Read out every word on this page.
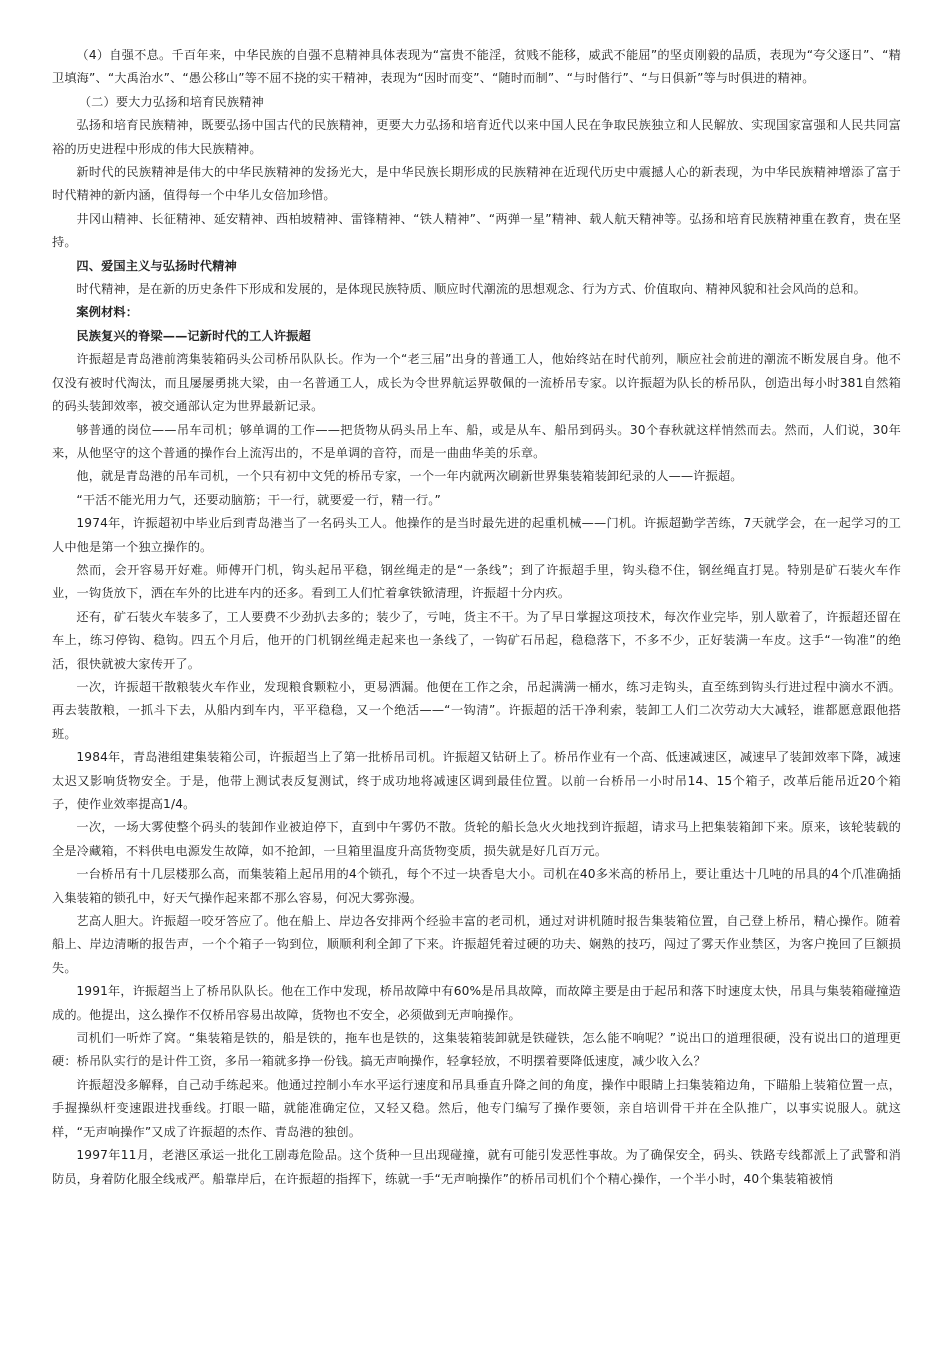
（4）自强不息。千百年来，中华民族的自强不息精神具体表现为“富贵不能淫，贫贱不能移，威武不能屈”的坚贞刚毅的品质，表现为“夸父逐日”、“精卫填海”、“大禹治水”、“愚公移山”等不屈不挠的实干精神，表现为“因时而变”、“随时而制”、“与时偕行”、“与日俱新”等与时俱进的精神。

（二）要大力弘扬和培育民族精神

弘扬和培育民族精神，既要弘扬中国古代的民族精神，更要大力弘扬和培育近代以来中国人民在争取民族独立和人民解放、实现国家富强和人民共同富裕的历史进程中形成的伟大民族精神。

新时代的民族精神是伟大的中华民族精神的发扬光大，是中华民族长期形成的民族精神在近现代历史中震撼人心的新表现，为中华民族精神增添了富于时代精神的新内涵，值得每一个中华儿女倍加珍惜。

井冈山精神、长征精神、延安精神、西柏坡精神、雷锋精神、“铁人精神”、“两弹一星”精神、载人航天精神等。弘扬和培育民族精神重在教育，贵在坚持。

四、爱国主义与弘扬时代精神

时代精神，是在新的历史条件下形成和发展的，是体现民族特质、顺应时代潮流的思想观念、行为方式、价值取向、精神风貌和社会风尚的总和。

案例材料：

民族复兴的脊梁——记新时代的工人许振超

许振超是青岛港前湾集装箱码头公司桥吊队队长。作为一个“老三届”出身的普通工人，他始终站在时代前列，顺应社会前进的潮流不断发展自身。他不仅没有被时代淘汰，而且屡屡勇挑大梁，由一名普通工人，成长为令世界航运界敬佩的一流桥吊专家。以许振超为队长的桥吊队，创造出每小时381自然箱的码头装卸效率，被交通部认定为世界最新记录。

够普通的岗位——吊车司机；够单调的工作——把货物从码头吊上车、船，或是从车、船吊到码头。30个春秋就这样悄然而去。然而，人们说，30年来，从他坚守的这个普通的操作台上流泻出的，不是单调的音符，而是一曲曲华美的乐章。

他，就是青岛港的吊车司机，一个只有初中文凭的桥吊专家，一个一年内就两次刷新世界集装箱装卸纪录的人——许振超。

“干活不能光用力气，还要动脑筋；干一行，就要爱一行，精一行。”

1974年，许振超初中毕业后到青岛港当了一名码头工人。他操作的是当时最先进的起重机械——门机。许振超勤学苦练，7天就学会，在一起学习的工人中他是第一个独立操作的。

然而，会开容易开好难。师傅开门机，钩头起吊平稳，钢丝绳走的是“一条线”；到了许振超手里，钩头稳不住，钢丝绳直打晃。特别是矿石装火车作业，一钩货放下，洒在车外的比进车内的还多。看到工人们忙着拿铁锨清理，许振超十分内疚。

还有，矿石装火车装多了，工人要费不少劲扒去多的；装少了，亏吨，货主不干。为了早日掌握这项技术，每次作业完毕，别人歇着了，许振超还留在车上，练习停钩、稳钩。四五个月后，他开的门机钢丝绳走起来也一条线了，一钩矿石吊起，稳稳落下，不多不少，正好装满一车皮。这手“一钩准”的绝活，很快就被大家传开了。

一次，许振超干散粮装火车作业，发现粮食颗粒小，更易洒漏。他便在工作之余，吊起满满一桶水，练习走钩头，直至练到钩头行进过程中滴水不洒。再去装散粮，一抓斗下去，从船内到车内，平平稳稳，又一个绝活——“一钩清”。许振超的活干净利索，装卸工人们二次劳动大大减轻，谁都愿意跟他搭班。

1984年，青岛港组建集装箱公司，许振超当上了第一批桥吊司机。许振超又钻研上了。桥吊作业有一个高、低速减速区，减速早了装卸效率下降，减速太迟又影响货物安全。于是，他带上测试表反复测试，终于成功地将减速区调到最佳位置。以前一台桥吊一小时吊14、15个箱子，改革后能吊近20个箱子，使作业效率提高1/4。

一次，一场大雾使整个码头的装卸作业被迫停下，直到中午雾仍不散。货轮的船长急火火地找到许振超，请求马上把集装箱卸下来。原来，该轮装载的全是冷藏箱，不料供电电源发生故障，如不抢卸，一旦箱里温度升高货物变质，损失就是好几百万元。

一台桥吊有十几层楼那么高，而集装箱上起吊用的4个锁孔，每个不过一块香皂大小。司机在40多米高的桥吊上，要让重达十几吨的吊具的4个爪准确插入集装箱的锁孔中，好天气操作起来都不那么容易，何况大雾弥漫。

艺高人胆大。许振超一咬牙答应了。他在船上、岸边各安排两个经验丰富的老司机，通过对讲机随时报告集装箱位置，自己登上桥吊，精心操作。随着船上、岸边清晰的报告声，一个个箱子一钩到位，顺顺利利全卸了下来。许振超凭着过硬的功夫、娴熟的技巧，闯过了雾天作业禁区，为客户挽回了巨额损失。

1991年，许振超当上了桥吊队队长。他在工作中发现，桥吊故障中有60%是吊具故障，而故障主要是由于起吊和落下时速度太快，吊具与集装箱碰撞造成的。他提出，这么操作不仅桥吊容易出故障，货物也不安全，必须做到无声响操作。

司机们一听炸了窝。“集装箱是铁的，船是铁的，拖车也是铁的，这集装箱装卸就是铁碰铁，怎么能不响呢？”说出口的道理很硬，没有说出口的道理更硬：桥吊队实行的是计件工资，多吊一箱就多挣一份钱。搞无声响操作，轻拿轻放，不明摆着要降低速度，减少收入么？

许振超没多解释，自己动手练起来。他通过控制小车水平运行速度和吊具垂直升降之间的角度，操作中眼睛上扫集装箱边角，下瞄船上装箱位置一点，手握操纵杆变速跟进找垂线。打眼一瞄，就能准确定位，又轻又稳。然后，他专门编写了操作要领，亲自培训骨干并在全队推广，以事实说服人。就这样，“无声响操作”又成了许振超的杰作、青岛港的独创。

1997年11月，老港区承运一批化工剧毒危险品。这个货种一旦出现碰撞，就有可能引发恶性事故。为了确保安全，码头、铁路专线都派上了武警和消防员，身着防化服全线戒严。船靠岸后，在许振超的指挥下，练就一手“无声响操作”的桥吊司机们个个精心操作，一个半小时，40个集装箱被悄
